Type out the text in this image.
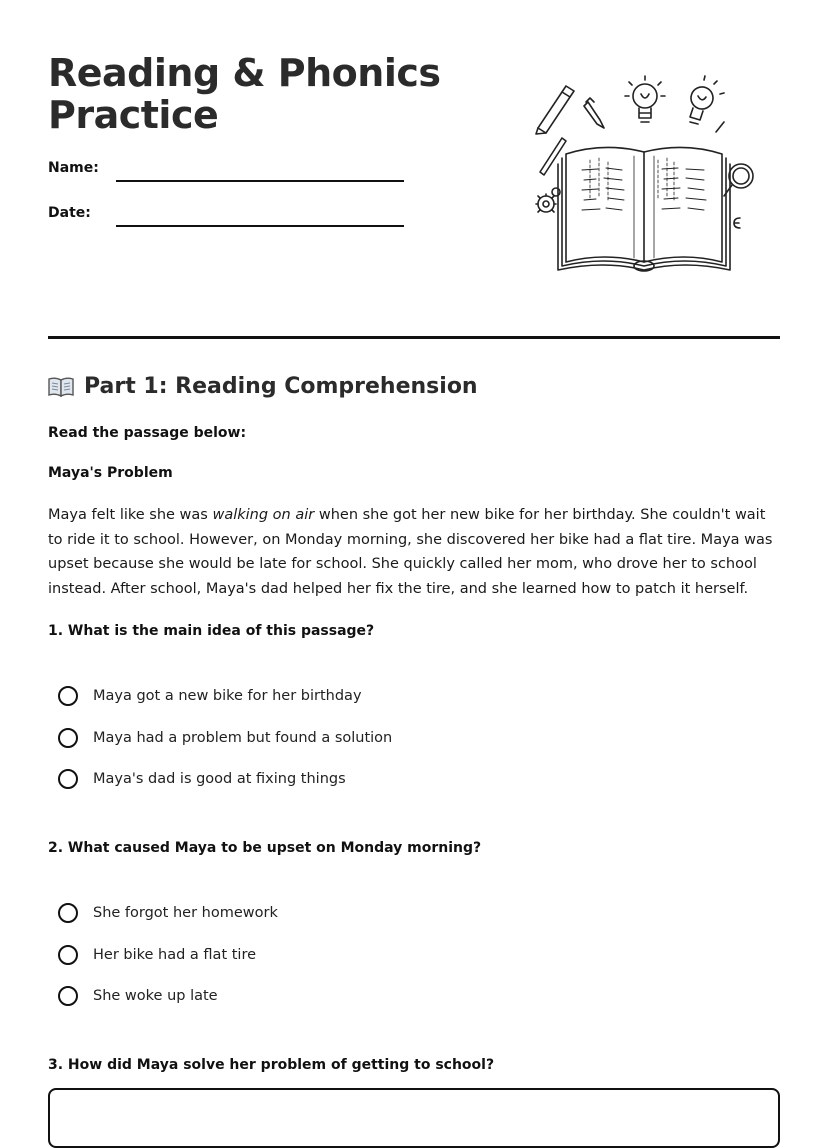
Reading & Phonics
Practice
Name:
Date:
Part 1: Reading Comprehension
Read the passage below:
Maya's Problem

Maya felt like she was walking on air when she got her new bike for her birthday. She couldn't wait to ride it to school. However, on Monday morning, she discovered her bike had a flat tire. Maya was upset because she would be late for school. She quickly called her mom, who drove her to school instead. After school, Maya's dad helped her fix the tire, and she learned how to patch it herself.

1. What is the main idea of this passage?
Maya got a new bike for her birthday
Maya had a problem but found a solution
Maya's dad is good at fixing things
2. What caused Maya to be upset on Monday morning?
She forgot her homework
Her bike had a flat tire
She woke up late
3. How did Maya solve her problem of getting to school?
